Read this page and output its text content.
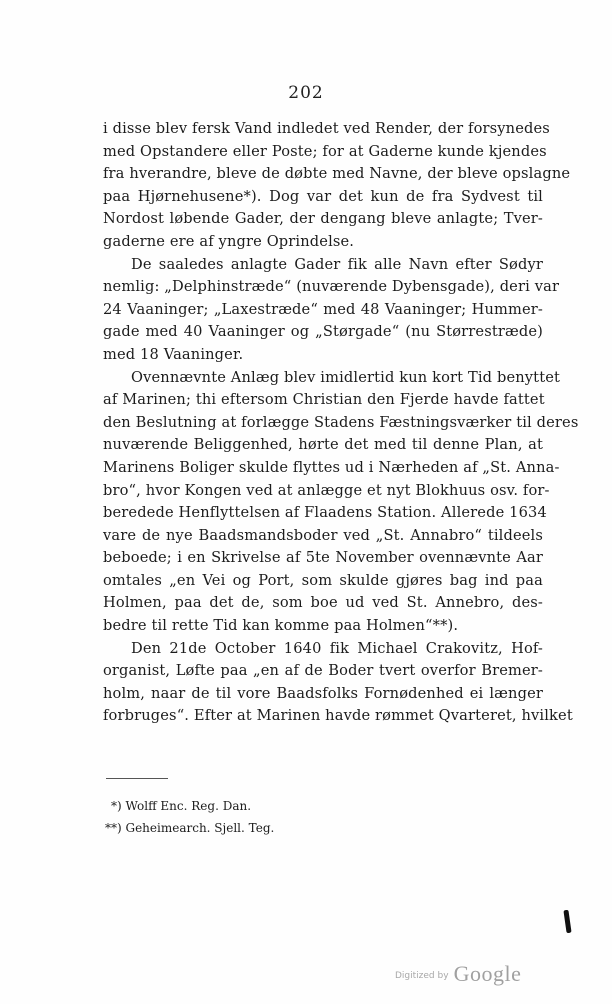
202
i disse blev fersk Vand indledet ved Render, der forsynedes
med Opstandere eller Poste; for at Gaderne kunde kjendes
fra hverandre, bleve de døbte med Navne, der bleve opslagne
paa Hjørnehusene*). Dog var det kun de fra Sydvest til
Nordost løbende Gader, der dengang bleve anlagte; Tver-
gaderne ere af yngre Oprindelse.
De saaledes anlagte Gader fik alle Navn efter Sødyr
nemlig: „Delphinstræde“ (nuværende Dybensgade), deri var
24 Vaaninger; „Laxestræde“ med 48 Vaaninger; Hummer-
gade med 40 Vaaninger og „Størgade“ (nu Størrestræde)
med 18 Vaaninger.
Ovennævnte Anlæg blev imidlertid kun kort Tid benyttet
af Marinen; thi eftersom Christian den Fjerde havde fattet
den Beslutning at forlægge Stadens Fæstningsværker til deres
nuværende Beliggenhed, hørte det med til denne Plan, at
Marinens Boliger skulde flyttes ud i Nærheden af „St. Anna-
bro“, hvor Kongen ved at anlægge et nyt Blokhuus osv. for-
beredede Henflyttelsen af Flaadens Station. Allerede 1634
vare de nye Baadsmandsboder ved „St. Annabro“ tildeels
beboede; i en Skrivelse af 5te November ovennævnte Aar
omtales „en Vei og Port, som skulde gjøres bag ind paa
Holmen, paa det de, som boe ud ved St. Annebro, des-
bedre til rette Tid kan komme paa Holmen“**).
Den 21de October 1640 fik Michael Crakovitz, Hof-
organist, Løfte paa „en af de Boder tvert overfor Bremer-
holm, naar de til vore Baadsfolks Fornødenhed ei længer
forbruges“. Efter at Marinen havde rømmet Qvarteret, hvilket
*) Wolff Enc. Reg. Dan.
**) Geheimearch. Sjell. Teg.
Digitized by Google
